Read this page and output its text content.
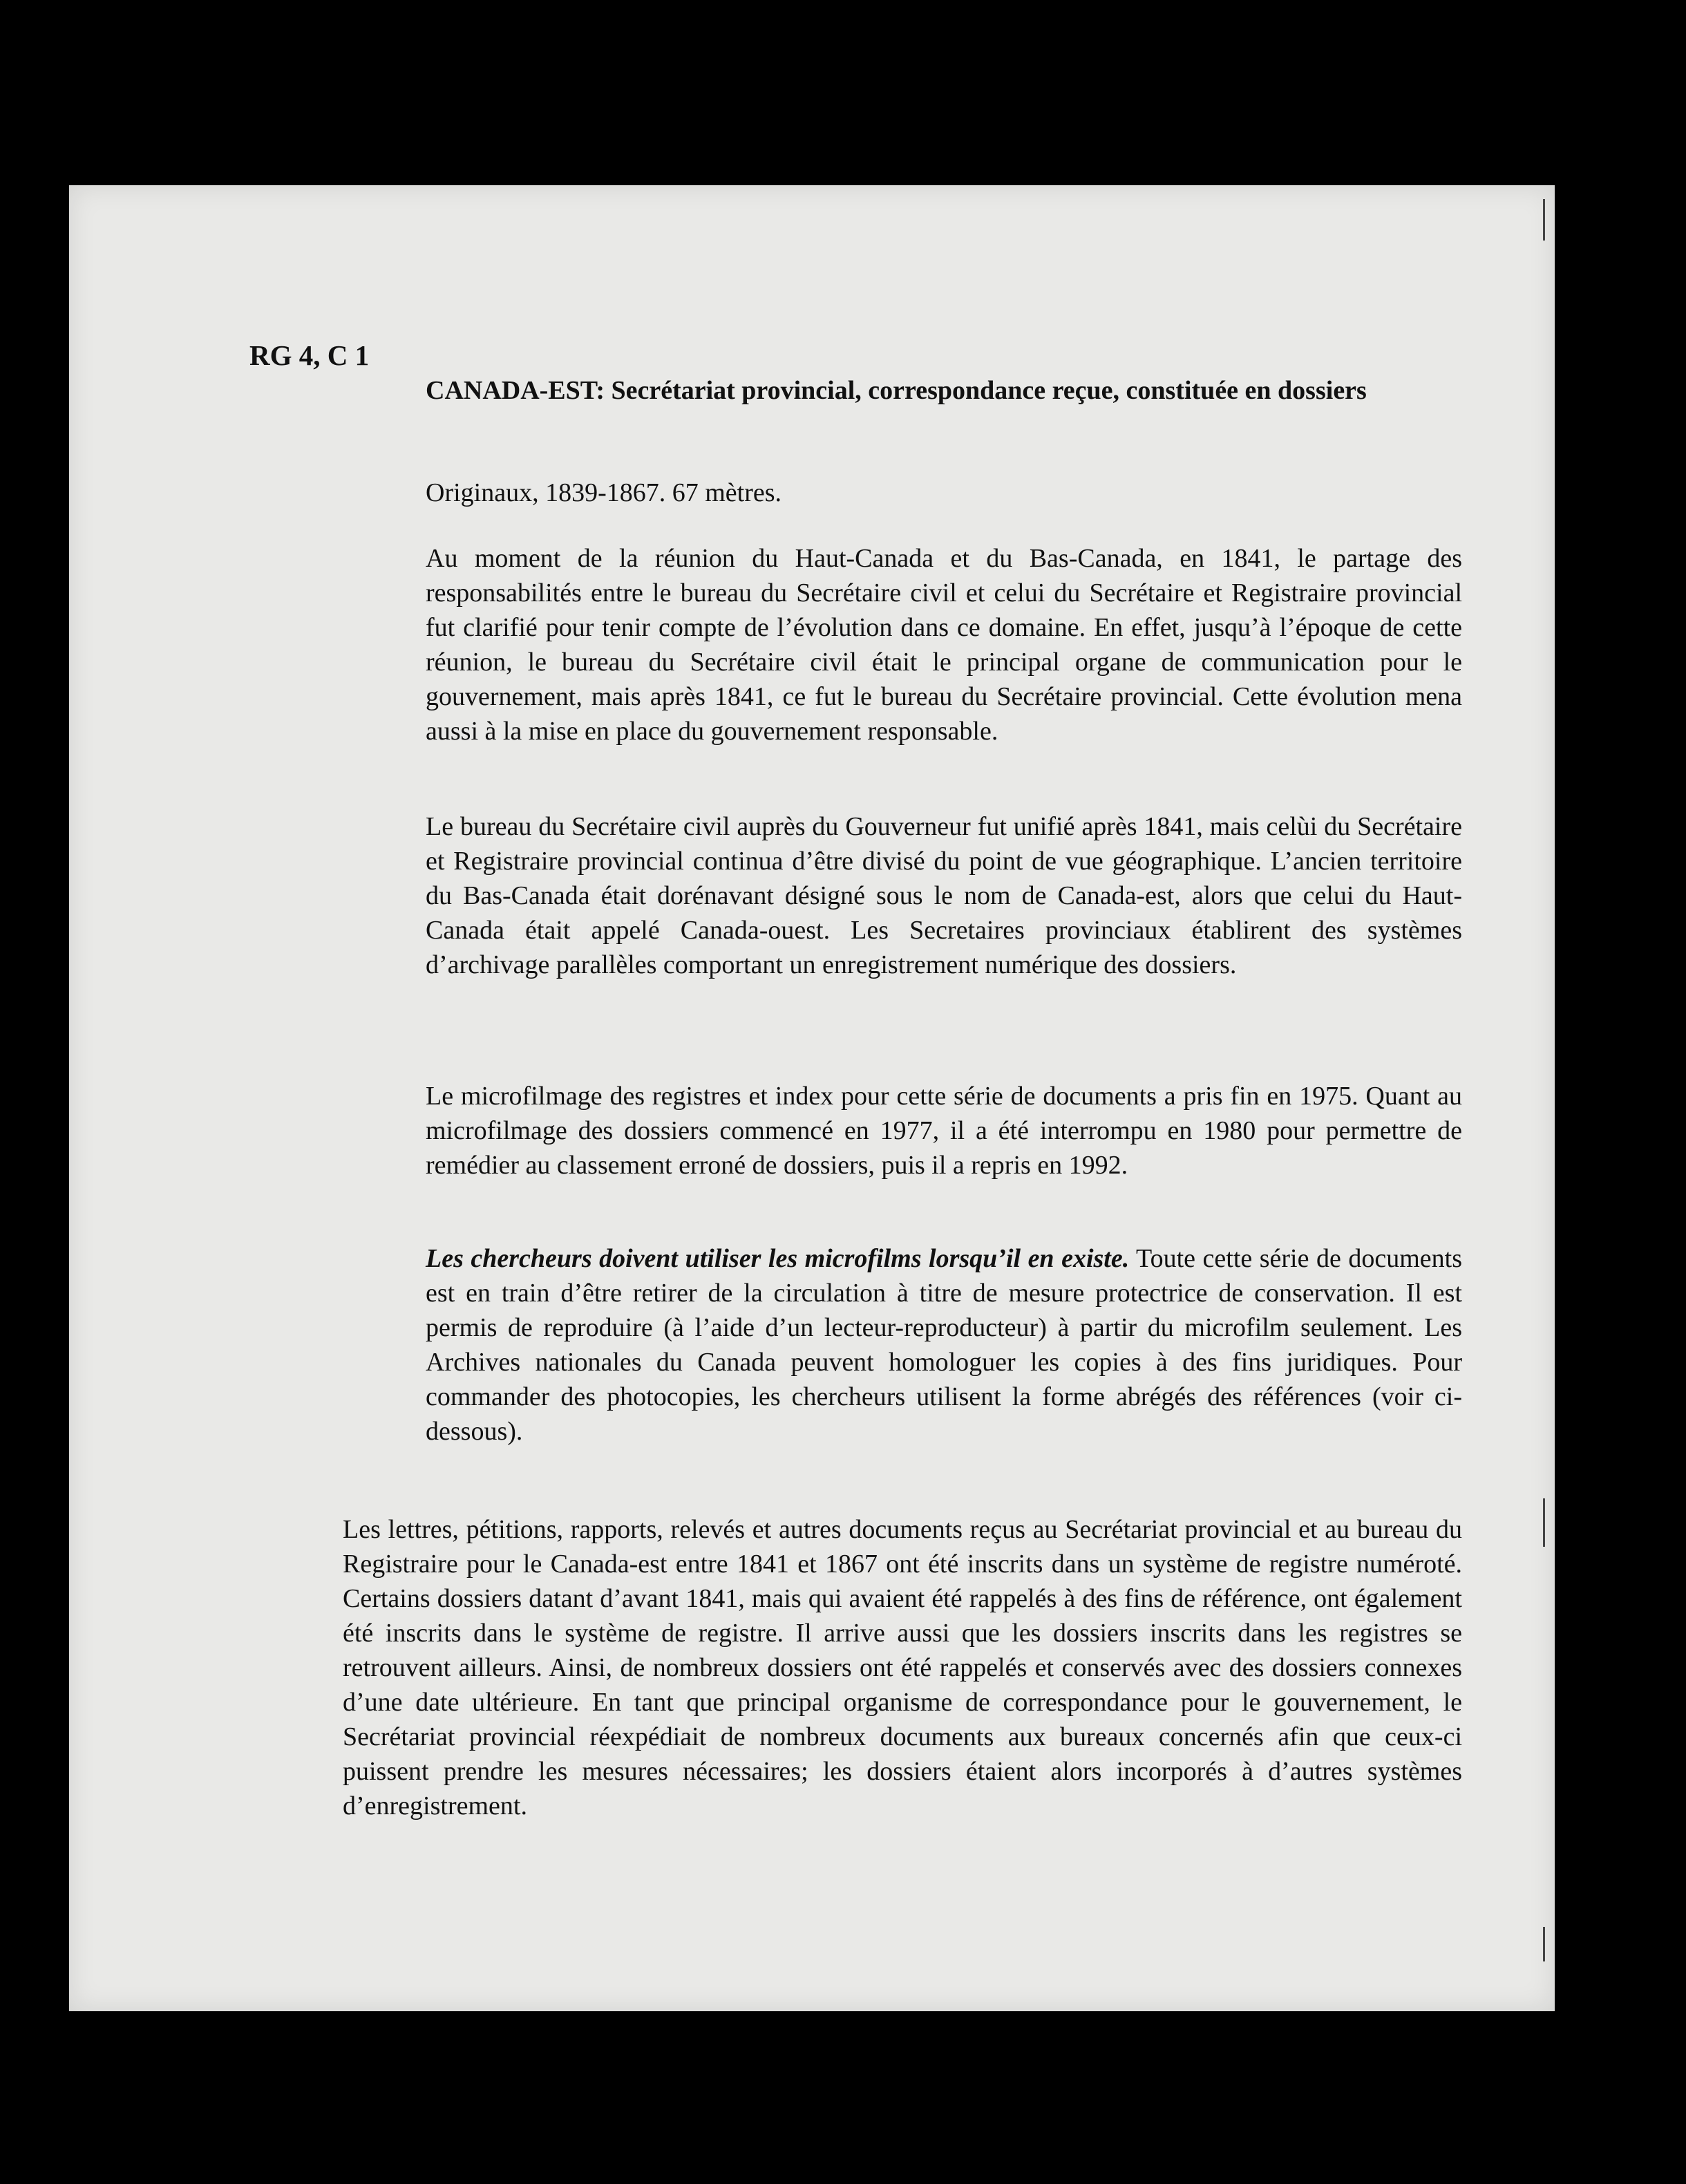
RG 4, C 1

CANADA-EST: Secrétariat provincial, correspondance reçue, constituée en dossiers

Originaux, 1839-1867. 67 mètres.

Au moment de la réunion du Haut-Canada et du Bas-Canada, en 1841, le partage des responsabilités entre le bureau du Secrétaire civil et celui du Secrétaire et Registraire provincial fut clarifié pour tenir compte de l’évolution dans ce domaine. En effet, jusqu’à l’époque de cette réunion, le bureau du Secrétaire civil était le principal organe de communication pour le gouvernement, mais après 1841, ce fut le bureau du Secrétaire provincial. Cette évolution mena aussi à la mise en place du gouvernement responsable.

Le bureau du Secrétaire civil auprès du Gouverneur fut unifié après 1841, mais celùi du Secrétaire et Registraire provincial continua d’être divisé du point de vue géographique. L’ancien territoire du Bas-Canada était dorénavant désigné sous le nom de Canada-est, alors que celui du Haut-Canada était appelé Canada-ouest. Les Secretaires provinciaux établirent des systèmes d’archivage parallèles comportant un enregistrement numérique des dossiers.

Le microfilmage des registres et index pour cette série de documents a pris fin en 1975. Quant au microfilmage des dossiers commencé en 1977, il a été interrompu en 1980 pour permettre de remédier au classement erroné de dossiers, puis il a repris en 1992.

Les chercheurs doivent utiliser les microfilms lorsqu’il en existe. Toute cette série de documents est en train d’être retirer de la circulation à titre de mesure protectrice de conservation. Il est permis de reproduire (à l’aide d’un lecteur-reproducteur) à partir du microfilm seulement. Les Archives nationales du Canada peuvent homologuer les copies à des fins juridiques. Pour commander des photocopies, les chercheurs utilisent la forme abrégés des références (voir ci-dessous).

Les lettres, pétitions, rapports, relevés et autres documents reçus au Secrétariat provincial et au bureau du Registraire pour le Canada-est entre 1841 et 1867 ont été inscrits dans un système de registre numéroté. Certains dossiers datant d’avant 1841, mais qui avaient été rappelés à des fins de référence, ont également été inscrits dans le système de registre. Il arrive aussi que les dossiers inscrits dans les registres se retrouvent ailleurs. Ainsi, de nombreux dossiers ont été rappelés et conservés avec des dossiers connexes d’une date ultérieure. En tant que principal organisme de correspondance pour le gouvernement, le Secrétariat provincial réexpédiait de nombreux documents aux bureaux concernés afin que ceux-ci puissent prendre les mesures nécessaires; les dossiers étaient alors incorporés à d’autres systèmes d’enregistrement.
